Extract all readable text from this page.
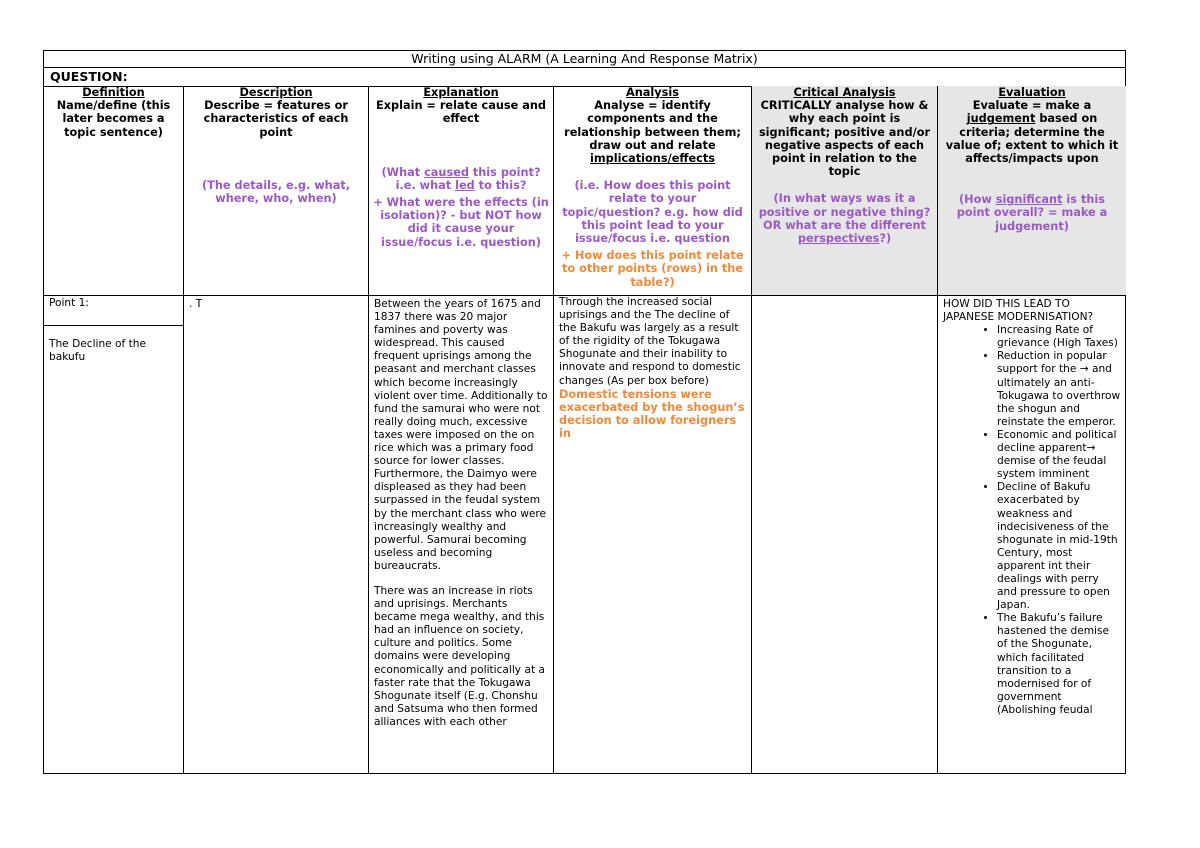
Writing using ALARM (A Learning And Response Matrix)
QUESTION:
Definition
Name/define (this later becomes a topic sentence)
Point 1:
The Decline of the bakufu
Description
Describe = features or characteristics of each point
(The details, e.g. what, where, who, when)
. T
Explanation
Explain = relate cause and effect
(What caused this point? i.e. what led to this?
+ What were the effects (in isolation)? - but NOT how did it cause your issue/focus i.e. question)
Between the years of 1675 and 1837 there was 20 major famines and poverty was widespread. This caused frequent uprisings among the peasant and merchant classes which become increasingly violent over time. Additionally to fund the samurai who were not really doing much, excessive taxes were imposed on the on rice which was a primary food source for lower classes. Furthermore, the Daimyo were displeased as they had been surpassed in the feudal system by the merchant class who were increasingly wealthy and powerful. Samurai becoming useless and becoming bureaucrats.
There was an increase in riots and uprisings. Merchants became mega wealthy, and this had an influence on society, culture and politics. Some domains were developing economically and politically at a faster rate that the Tokugawa Shogunate itself (E.g. Chonshu and Satsuma who then formed alliances with each other
Analysis
Analyse = identify components and the relationship between them; draw out and relate implications/effects
(i.e. How does this point relate to your topic/question? e.g. how did this point lead to your issue/focus i.e. question
+ How does this point relate to other points (rows) in the table?)
Through the increased social uprisings and the The decline of the Bakufu was largely as a result of the rigidity of the Tokugawa Shogunate and their inability to innovate and respond to domestic changes (As per box before)
Domestic tensions were exacerbated by the shogun’s decision to allow foreigners in
Critical Analysis
CRITICALLY analyse how & why each point is significant; positive and/or negative aspects of each point in relation to the topic
(In what ways was it a positive or negative thing? OR what are the different perspectives?)
Evaluation
Evaluate = make a judgement based on criteria; determine the value of; extent to which it affects/impacts upon
(How significant is this point overall? = make a judgement)
HOW DID THIS LEAD TO JAPANESE MODERNISATION?
• Increasing Rate of grievance (High Taxes)
• Reduction in popular support for the → and ultimately an anti-Tokugawa to overthrow the shogun and reinstate the emperor.
• Economic and political decline apparent→ demise of the feudal system imminent
• Decline of Bakufu exacerbated by weakness and indecisiveness of the shogunate in mid-19th Century, most apparent int their dealings with perry and pressure to open Japan.
• The Bakufu’s failure hastened the demise of the Shogunate, which facilitated transition to a modernised for of government (Abolishing feudal
